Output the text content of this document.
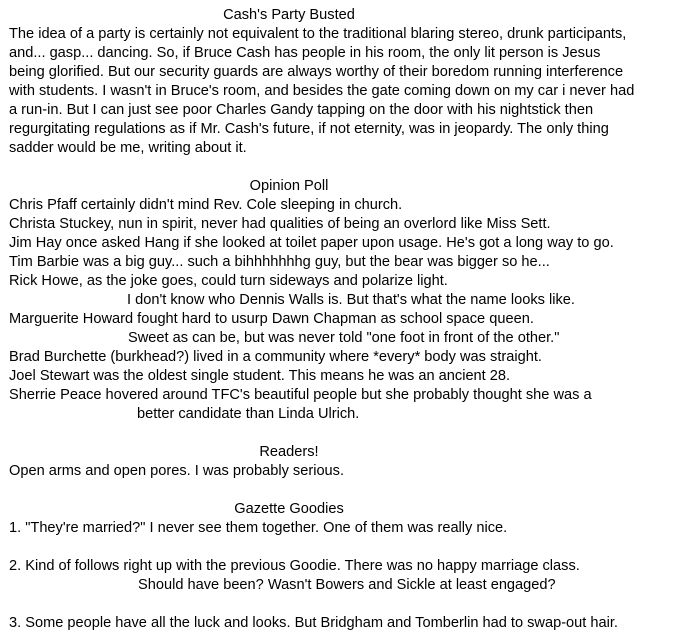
Cash's Party Busted
The idea of a party is certainly not equivalent to the traditional blaring stereo, drunk participants,
and... gasp... dancing. So, if Bruce Cash has people in his room, the only lit person is Jesus
being glorified. But our security guards are always worthy of their boredom running interference
with students. I wasn't in Bruce's room, and besides the gate coming down on my car i never had
a run-in. But I can just see poor Charles Gandy tapping on the door with his nightstick then
regurgitating regulations as if Mr. Cash's future, if not eternity, was in jeopardy. The only thing
sadder would be me, writing about it.
Opinion Poll
Chris Pfaff certainly didn't mind Rev. Cole sleeping in church.
Christa Stuckey, nun in spirit, never had qualities of being an overlord like Miss Sett.
Jim Hay once asked Hang if she looked at toilet paper upon usage. He's got a long way to go.
Tim Barbie was a big guy... such a bihhhhhhhg guy, but the bear was bigger so he...
Rick Howe, as the joke goes, could turn sideways and polarize light.
I don't know who Dennis Walls is. But that's what the name looks like.
Marguerite Howard fought hard to usurp Dawn Chapman as school space queen.
Sweet as can be, but was never told "one foot in front of the other."
Brad Burchette (burkhead?) lived in a community where *every* body was straight.
Joel Stewart was the oldest single student. This means he was an ancient 28.
Sherrie Peace hovered around TFC's beautiful people but she probably thought she was a
better candidate than Linda Ulrich.
Readers!
Open arms and open pores. I was probably serious.
Gazette Goodies
1. "They're married?" I never see them together. One of them was really nice.
2. Kind of follows right up with the previous Goodie. There was no happy marriage class.
Should have been? Wasn't Bowers and Sickle at least engaged?
3. Some people have all the luck and looks. But Bridgham and Tomberlin had to swap-out hair.
